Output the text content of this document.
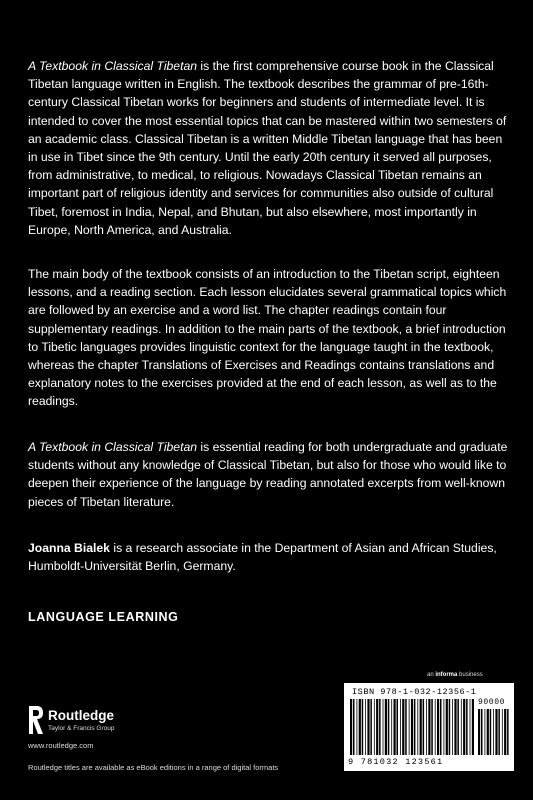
A Textbook in Classical Tibetan is the first comprehensive course book in the Classical Tibetan language written in English. The textbook describes the grammar of pre-16th-century Classical Tibetan works for beginners and students of intermediate level. It is intended to cover the most essential topics that can be mastered within two semesters of an academic class. Classical Tibetan is a written Middle Tibetan language that has been in use in Tibet since the 9th century. Until the early 20th century it served all purposes, from administrative, to medical, to religious. Nowadays Classical Tibetan remains an important part of religious identity and services for communities also outside of cultural Tibet, foremost in India, Nepal, and Bhutan, but also elsewhere, most importantly in Europe, North America, and Australia.

The main body of the textbook consists of an introduction to the Tibetan script, eighteen lessons, and a reading section. Each lesson elucidates several grammatical topics which are followed by an exercise and a word list. The chapter readings contain four supplementary readings. In addition to the main parts of the textbook, a brief introduction to Tibetic languages provides linguistic context for the language taught in the textbook, whereas the chapter Translations of Exercises and Readings contains translations and explanatory notes to the exercises provided at the end of each lesson, as well as to the readings.

A Textbook in Classical Tibetan is essential reading for both undergraduate and graduate students without any knowledge of Classical Tibetan, but also for those who would like to deepen their experience of the language by reading annotated excerpts from well-known pieces of Tibetan literature.

Joanna Bialek is a research associate in the Department of Asian and African Studies, Humboldt-Universität Berlin, Germany.

LANGUAGE LEARNING
an informa business
ISBN 978-1-032-12356-1
90000
9 781032 123561
Routledge
Taylor & Francis Group
www.routledge.com
Routledge titles are available as eBook editions in a range of digital formats
